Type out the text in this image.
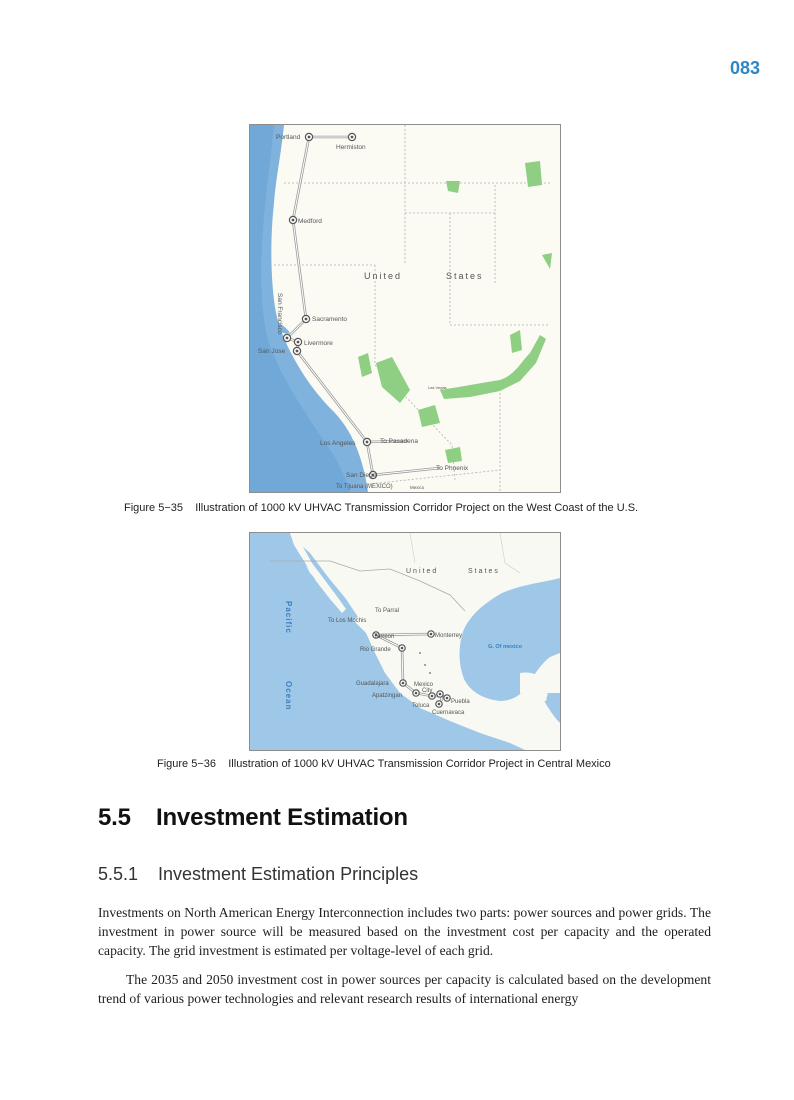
083
Portland
Hermiston
Medford
United	States
San Francisco	Sacramento
Livermore
San Jose
Las Vegas
Los Angeles	To Pasadena
San Diego
To Phoenix
To Tijuana (MEXICO)	Mexico
Figure 5−35 Illustration of 1000 kV UHVAC Transmission Corridor Project on the West Coast of the U.S.
United	States
Pacific
Ocean
To Parral
To Los Mochis
Torreon	Monterrey
Rio Grande	G. Of mexico
Guadalajara	Mexico
City
Apatzingan
Puebla
Toluca
Cuernavaca
Figure 5−36 Illustration of 1000 kV UHVAC Transmission Corridor Project in Central Mexico
5.5 Investment Estimation
5.5.1 Investment Estimation Principles

Investments on North American Energy Interconnection includes two parts: power sources and power grids. The investment in power source will be measured based on the investment cost per capacity and the operated capacity. The grid investment is estimated per voltage-level of each grid.

The 2035 and 2050 investment cost in power sources per capacity is calculated based on the development trend of various power technologies and relevant research results of international energy
